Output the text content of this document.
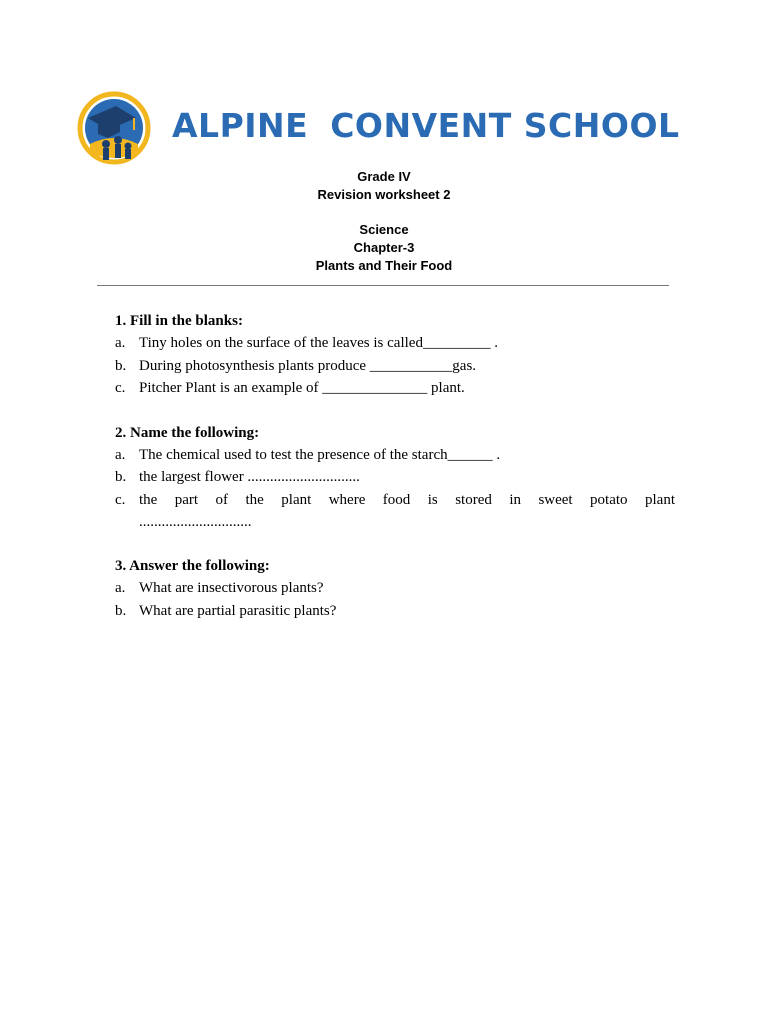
ALPINE CONVENT SCHOOL
Grade IV
Revision worksheet 2
Science
Chapter-3
Plants and Their Food
1. Fill in the blanks:
a. Tiny holes on the surface of the leaves is called_________ .
b. During photosynthesis plants produce ___________gas.
c. Pitcher Plant is an example of ______________ plant.
2. Name the following:
a. The chemical used to test the presence of the starch______ .
b. the largest flower ..............................
c. the part of the plant where food is stored in sweet potato plant
..............................
3. Answer the following:
a. What are insectivorous plants?
b. What are partial parasitic plants?
